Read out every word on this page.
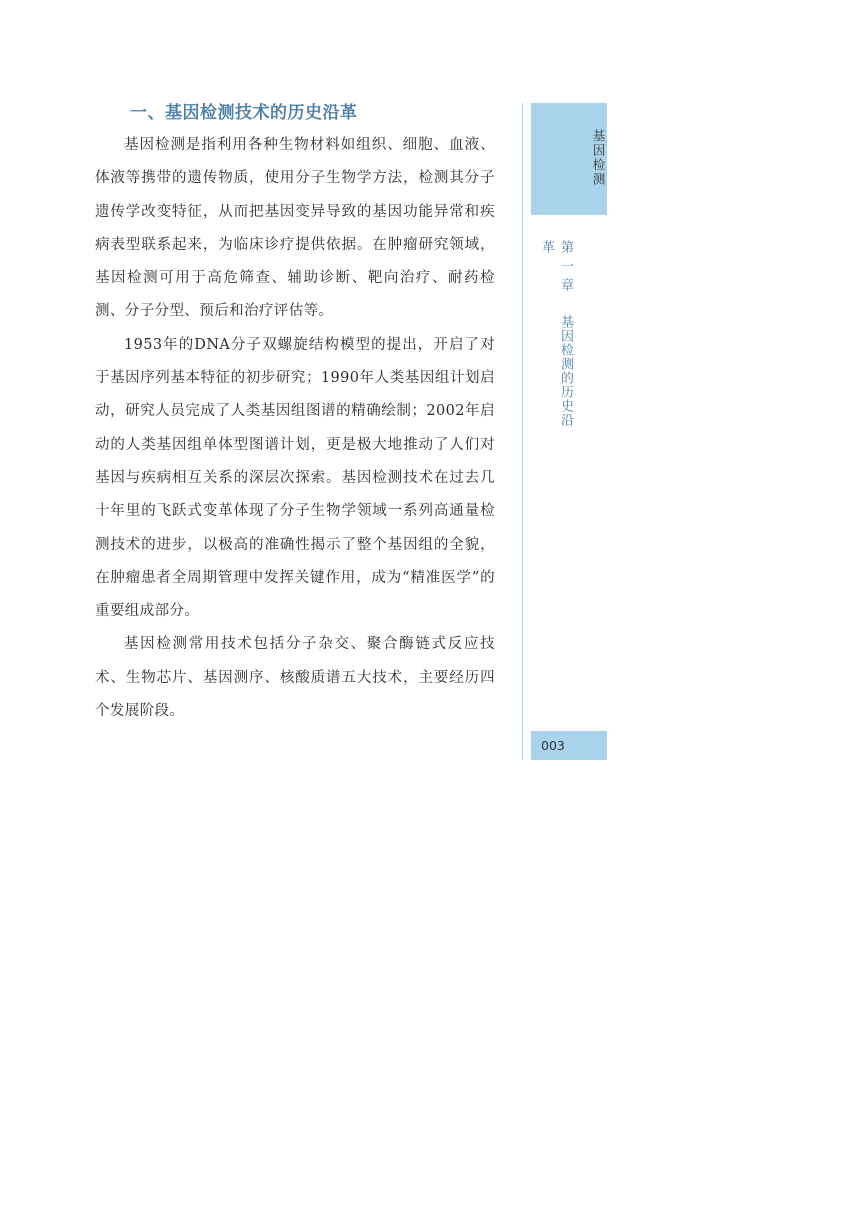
一、基因检测技术的历史沿革

基因检测是指利用各种生物材料如组织、细胞、血液、体液等携带的遗传物质，使用分子生物学方法，检测其分子遗传学改变特征，从而把基因变异导致的基因功能异常和疾病表型联系起来，为临床诊疗提供依据。在肿瘤研究领域，基因检测可用于高危筛查、辅助诊断、靶向治疗、耐药检测、分子分型、预后和治疗评估等。

1953年的DNA分子双螺旋结构模型的提出，开启了对于基因序列基本特征的初步研究；1990年人类基因组计划启动，研究人员完成了人类基因组图谱的精确绘制；2002年启动的人类基因组单体型图谱计划，更是极大地推动了人们对基因与疾病相互关系的深层次探索。基因检测技术在过去几十年里的飞跃式变革体现了分子生物学领域一系列高通量检测技术的进步，以极高的准确性揭示了整个基因组的全貌，在肿瘤患者全周期管理中发挥关键作用，成为“精准医学”的重要组成部分。

基因检测常用技术包括分子杂交、聚合酶链式反应技术、生物芯片、基因测序、核酸质谱五大技术，主要经历四个发展阶段。

基因检测
第一章基因检测的历史沿革
003
